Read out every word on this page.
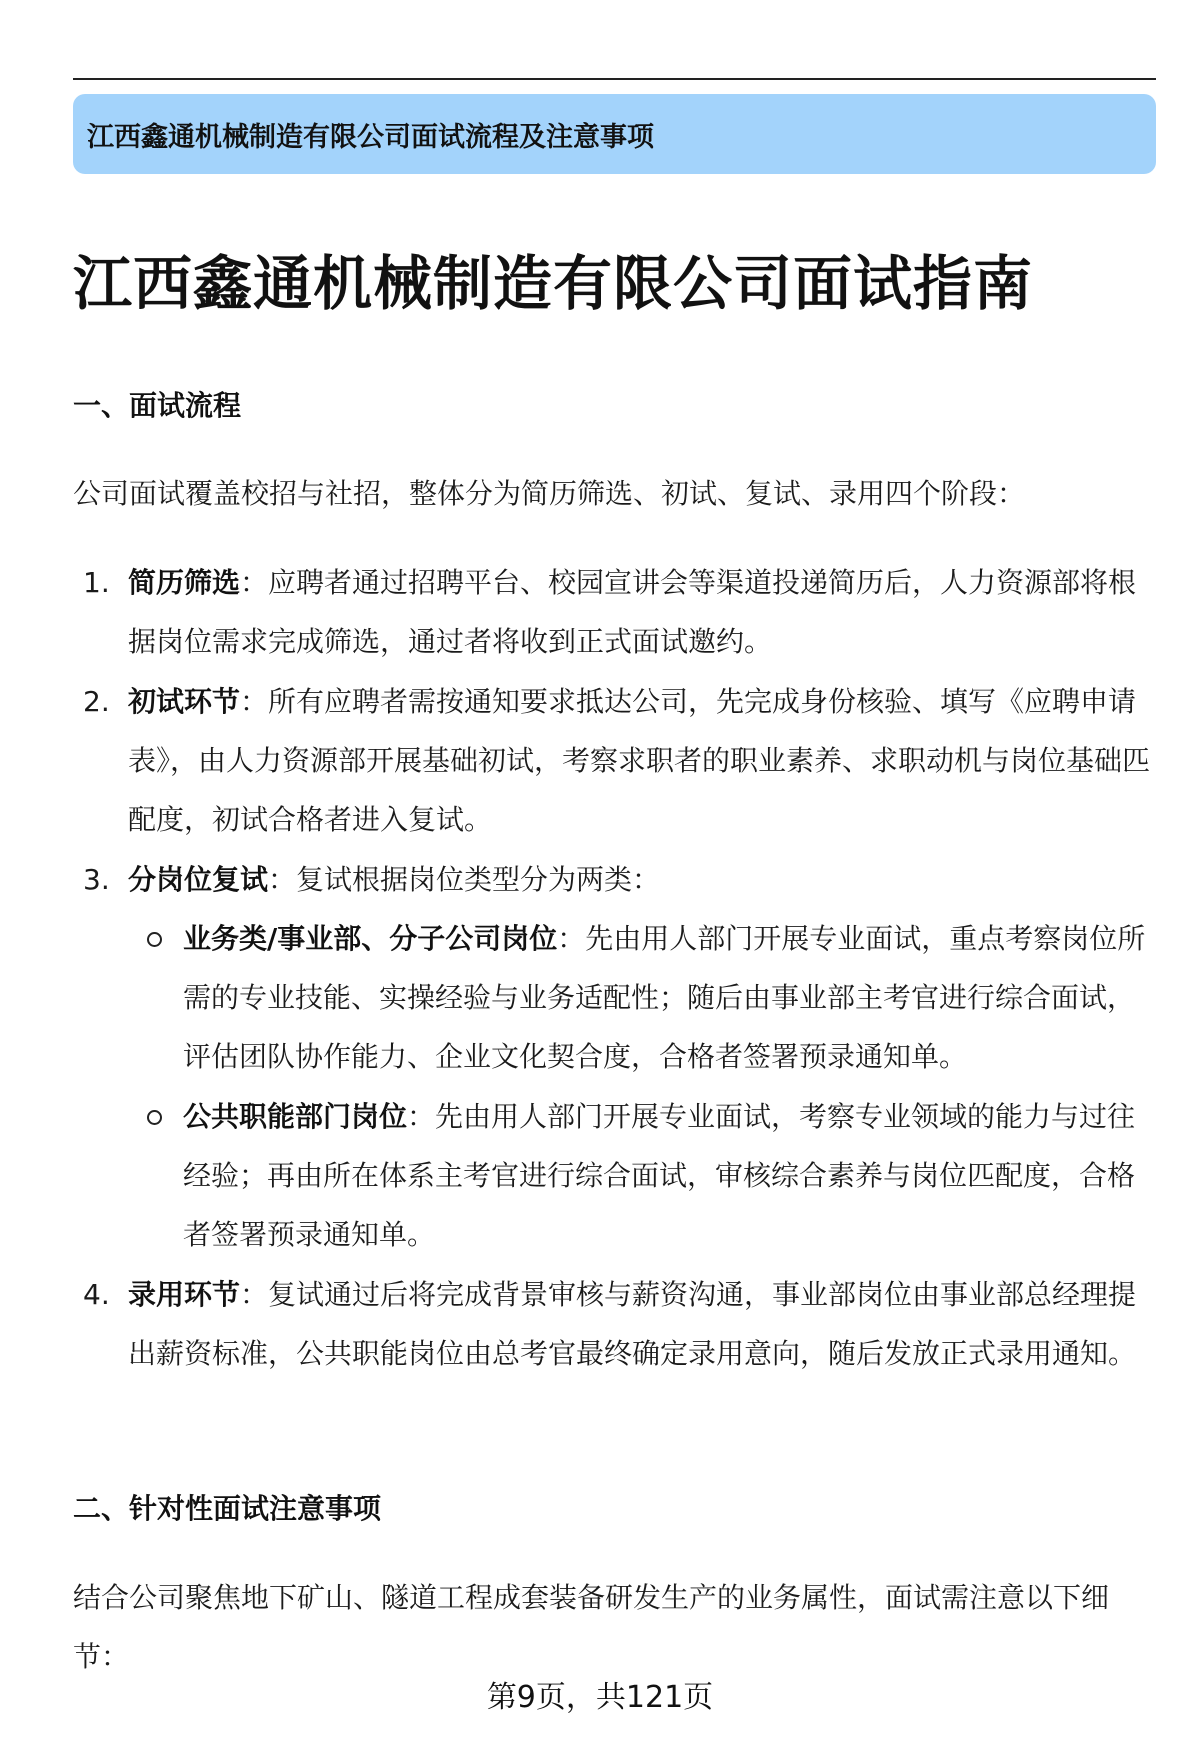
江西鑫通机械制造有限公司面试流程及注意事项
江西鑫通机械制造有限公司面试指南
一、面试流程

公司面试覆盖校招与社招，整体分为简历筛选、初试、复试、录用四个阶段：

1. 简历筛选：应聘者通过招聘平台、校园宣讲会等渠道投递简历后，人力资源部将根据岗位需求完成筛选，通过者将收到正式面试邀约。
2. 初试环节：所有应聘者需按通知要求抵达公司，先完成身份核验、填写《应聘申请表》，由人力资源部开展基础初试，考察求职者的职业素养、求职动机与岗位基础匹配度，初试合格者进入复试。
3. 分岗位复试：复试根据岗位类型分为两类：
业务类/事业部、分子公司岗位：先由用人部门开展专业面试，重点考察岗位所需的专业技能、实操经验与业务适配性；随后由事业部主考官进行综合面试，评估团队协作能力、企业文化契合度，合格者签署预录通知单。
公共职能部门岗位：先由用人部门开展专业面试，考察专业领域的能力与过往经验；再由所在体系主考官进行综合面试，审核综合素养与岗位匹配度，合格者签署预录通知单。
4. 录用环节：复试通过后将完成背景审核与薪资沟通，事业部岗位由事业部总经理提出薪资标准，公共职能岗位由总考官最终确定录用意向，随后发放正式录用通知。
二、针对性面试注意事项

结合公司聚焦地下矿山、隧道工程成套装备研发生产的业务属性，面试需注意以下细节：

第9页，共121页
